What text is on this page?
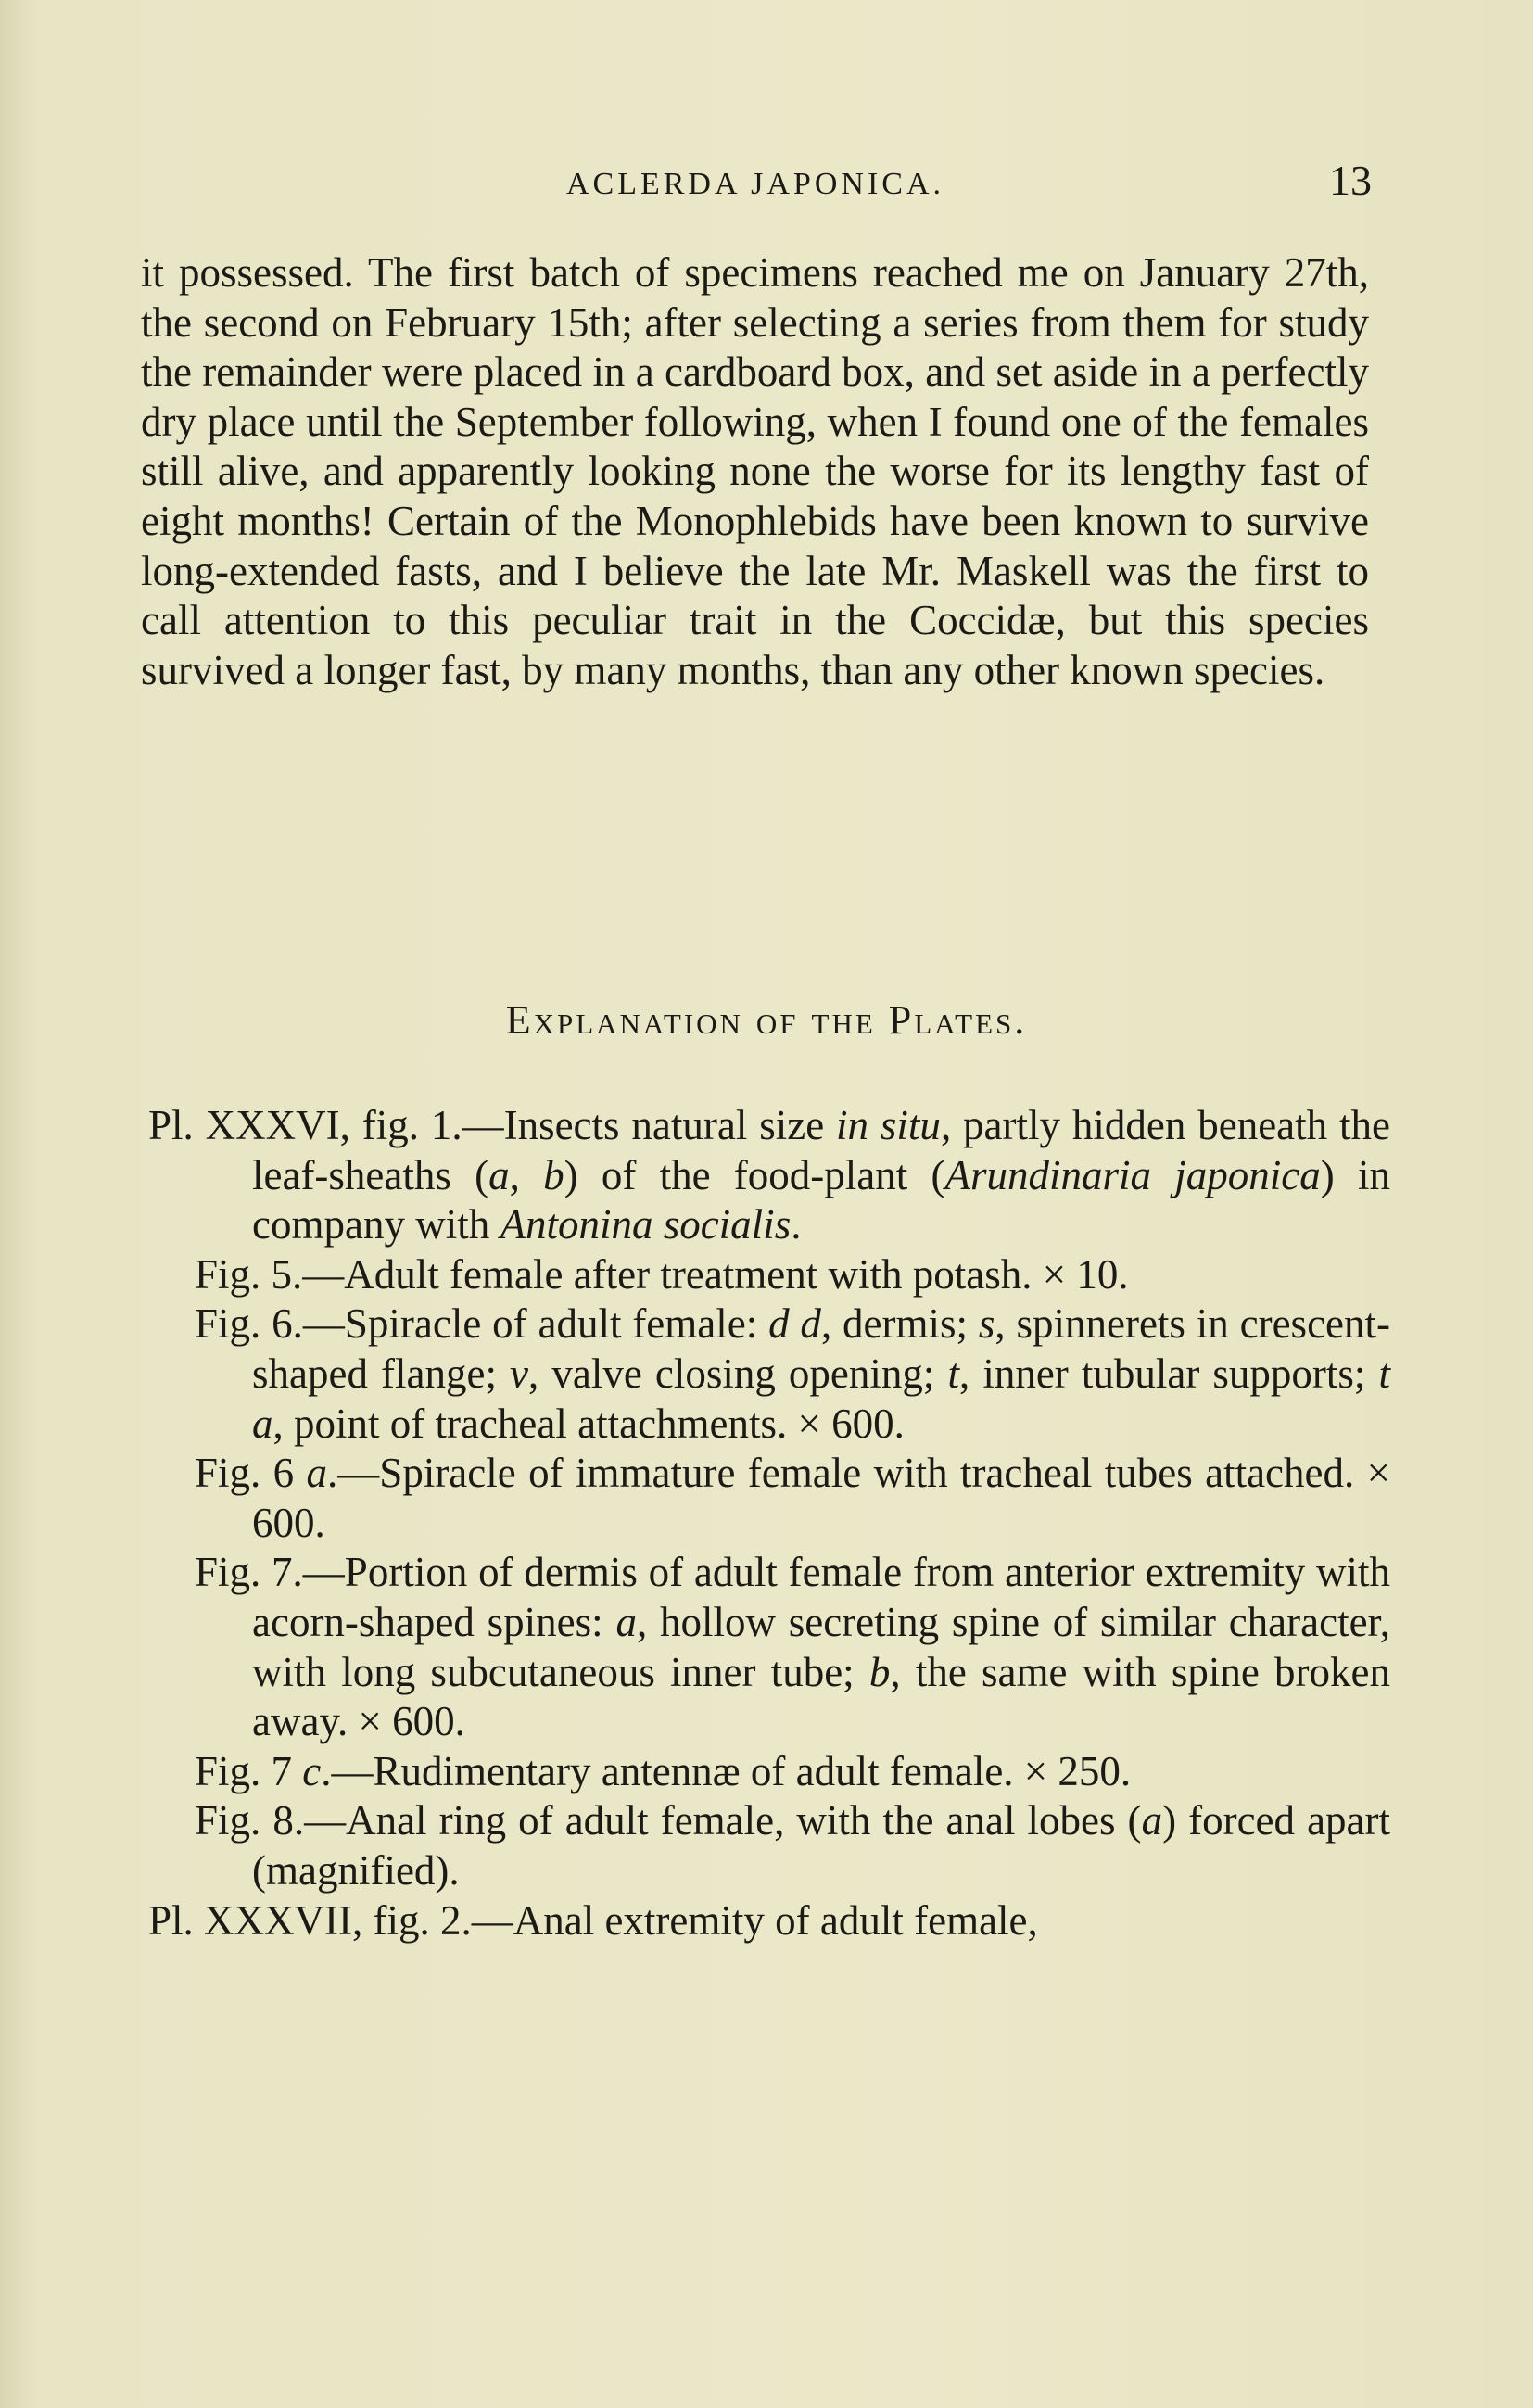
ACLERDA JAPONICA.	13

it possessed. The first batch of specimens reached me on January 27th, the second on February 15th; after selecting a series from them for study the remainder were placed in a cardboard box, and set aside in a perfectly dry place until the September following, when I found one of the females still alive, and apparently looking none the worse for its lengthy fast of eight months! Certain of the Monophlebids have been known to survive long-extended fasts, and I believe the late Mr. Maskell was the first to call attention to this peculiar trait in the Coccidæ, but this species survived a longer fast, by many months, than any other known species.

Explanation of the Plates.

Pl. XXXVI, fig. 1.—Insects natural size in situ, partly hidden beneath the leaf-sheaths (a, b) of the food-plant (Arundinaria japonica) in company with Antonina socialis.

Fig. 5.—Adult female after treatment with potash. × 10.

Fig. 6.—Spiracle of adult female: d d, dermis; s, spinnerets in crescent-shaped flange; v, valve closing opening; t, inner tubular supports; t a, point of tracheal attachments. × 600.

Fig. 6 a.—Spiracle of immature female with tracheal tubes attached. × 600.

Fig. 7.—Portion of dermis of adult female from anterior extremity with acorn-shaped spines: a, hollow secreting spine of similar character, with long subcutaneous inner tube; b, the same with spine broken away. × 600.

Fig. 7 c.—Rudimentary antennæ of adult female. × 250.

Fig. 8.—Anal ring of adult female, with the anal lobes (a) forced apart (magnified).

Pl. XXXVII, fig. 2.—Anal extremity of adult female,
